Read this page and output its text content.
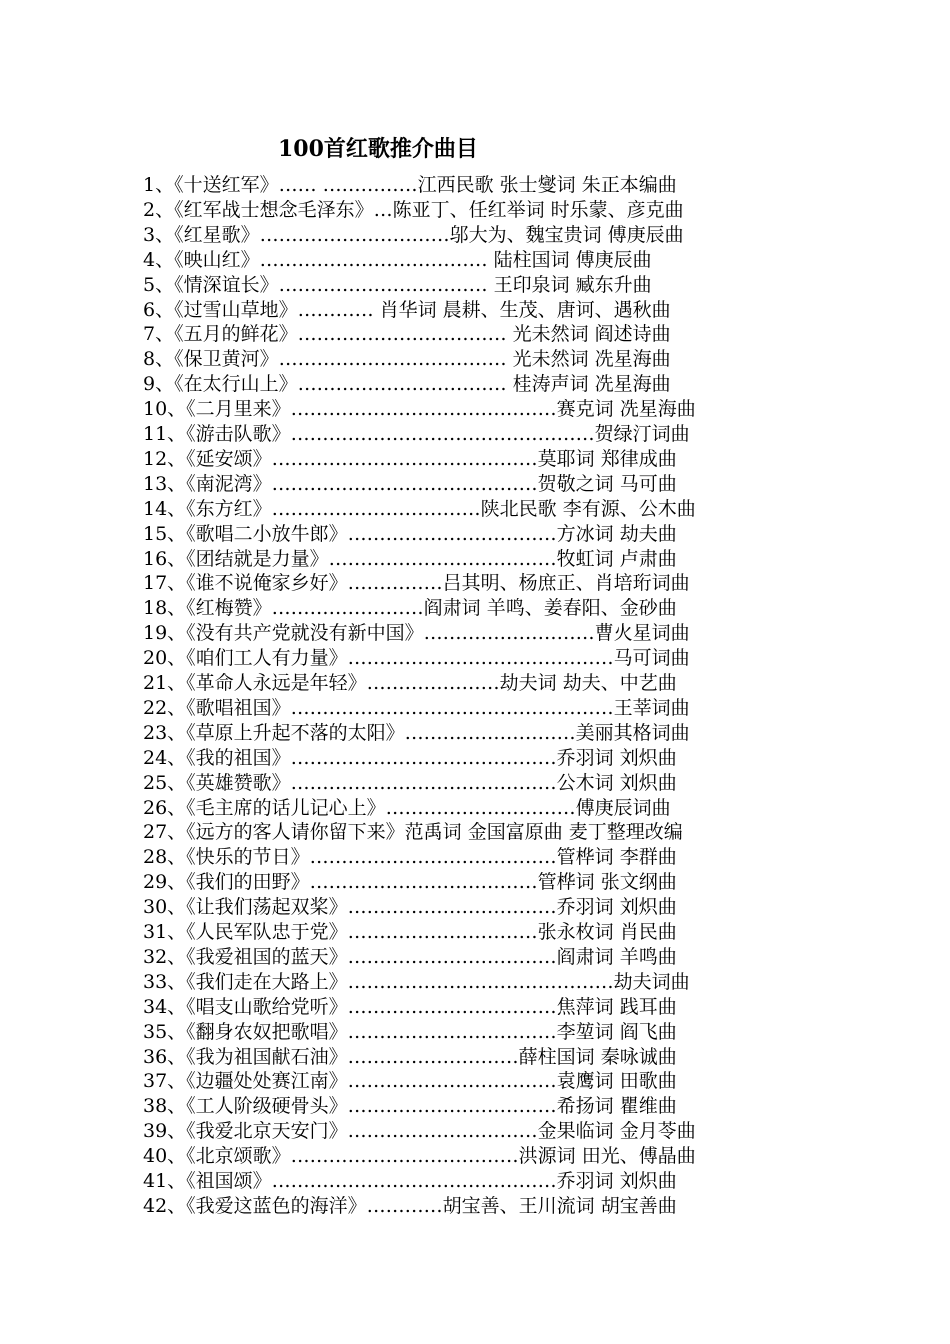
100首红歌推介曲目
1、《十送红军》…… ……………江西民歌 张士燮词 朱正本编曲
2、《红军战士想念毛泽东》…陈亚丁、任红举词 时乐蒙、彦克曲
3、《红星歌》…………………………邬大为、魏宝贵词 傅庚辰曲
4、《映山红》……………………………… 陆柱国词 傅庚辰曲
5、《情深谊长》…………………………… 王印泉词 臧东升曲
6、《过雪山草地》………… 肖华词 晨耕、生茂、唐诃、遇秋曲
7、《五月的鲜花》…………………………… 光未然词 阎述诗曲
8、《保卫黄河》……………………………… 光未然词 冼星海曲
9、《在太行山上》…………………………… 桂涛声词 冼星海曲
10、《二月里来》……………………………………赛克词 冼星海曲
11、《游击队歌》…………………………………………贺绿汀词曲
12、《延安颂》……………………………………莫耶词 郑律成曲
13、《南泥湾》……………………………………贺敬之词 马可曲
14、《东方红》……………………………陕北民歌 李有源、公木曲
15、《歌唱二小放牛郎》……………………………方冰词 劫夫曲
16、《团结就是力量》………………………………牧虹词 卢肃曲
17、《谁不说俺家乡好》……………吕其明、杨庶正、肖培珩词曲
18、《红梅赞》……………………阎肃词 羊鸣、姜春阳、金砂曲
19、《没有共产党就没有新中国》………………………曹火星词曲
20、《咱们工人有力量》……………………………………马可词曲
21、《革命人永远是年轻》…………………劫夫词 劫夫、中艺曲
22、《歌唱祖国》……………………………………………王莘词曲
23、《草原上升起不落的太阳》………………………美丽其格词曲
24、《我的祖国》……………………………………乔羽词 刘炽曲
25、《英雄赞歌》……………………………………公木词 刘炽曲
26、《毛主席的话儿记心上》…………………………傅庚辰词曲
27、《远方的客人请你留下来》范禹词 金国富原曲 麦丁整理改编
28、《快乐的节日》…………………………………管桦词 李群曲
29、《我们的田野》………………………………管桦词 张文纲曲
30、《让我们荡起双桨》……………………………乔羽词 刘炽曲
31、《人民军队忠于党》…………………………张永枚词 肖民曲
32、《我爱祖国的蓝天》……………………………阎肃词 羊鸣曲
33、《我们走在大路上》……………………………………劫夫词曲
34、《唱支山歌给党听》……………………………焦萍词 践耳曲
35、《翻身农奴把歌唱》……………………………李堃词 阎飞曲
36、《我为祖国献石油》………………………薛柱国词 秦咏诚曲
37、《边疆处处赛江南》……………………………袁鹰词 田歌曲
38、《工人阶级硬骨头》……………………………希扬词 瞿维曲
39、《我爱北京天安门》…………………………金果临词 金月苓曲
40、《北京颂歌》………………………………洪源词 田光、傅晶曲
41、《祖国颂》………………………………………乔羽词 刘炽曲
42、《我爱这蓝色的海洋》…………胡宝善、王川流词 胡宝善曲
